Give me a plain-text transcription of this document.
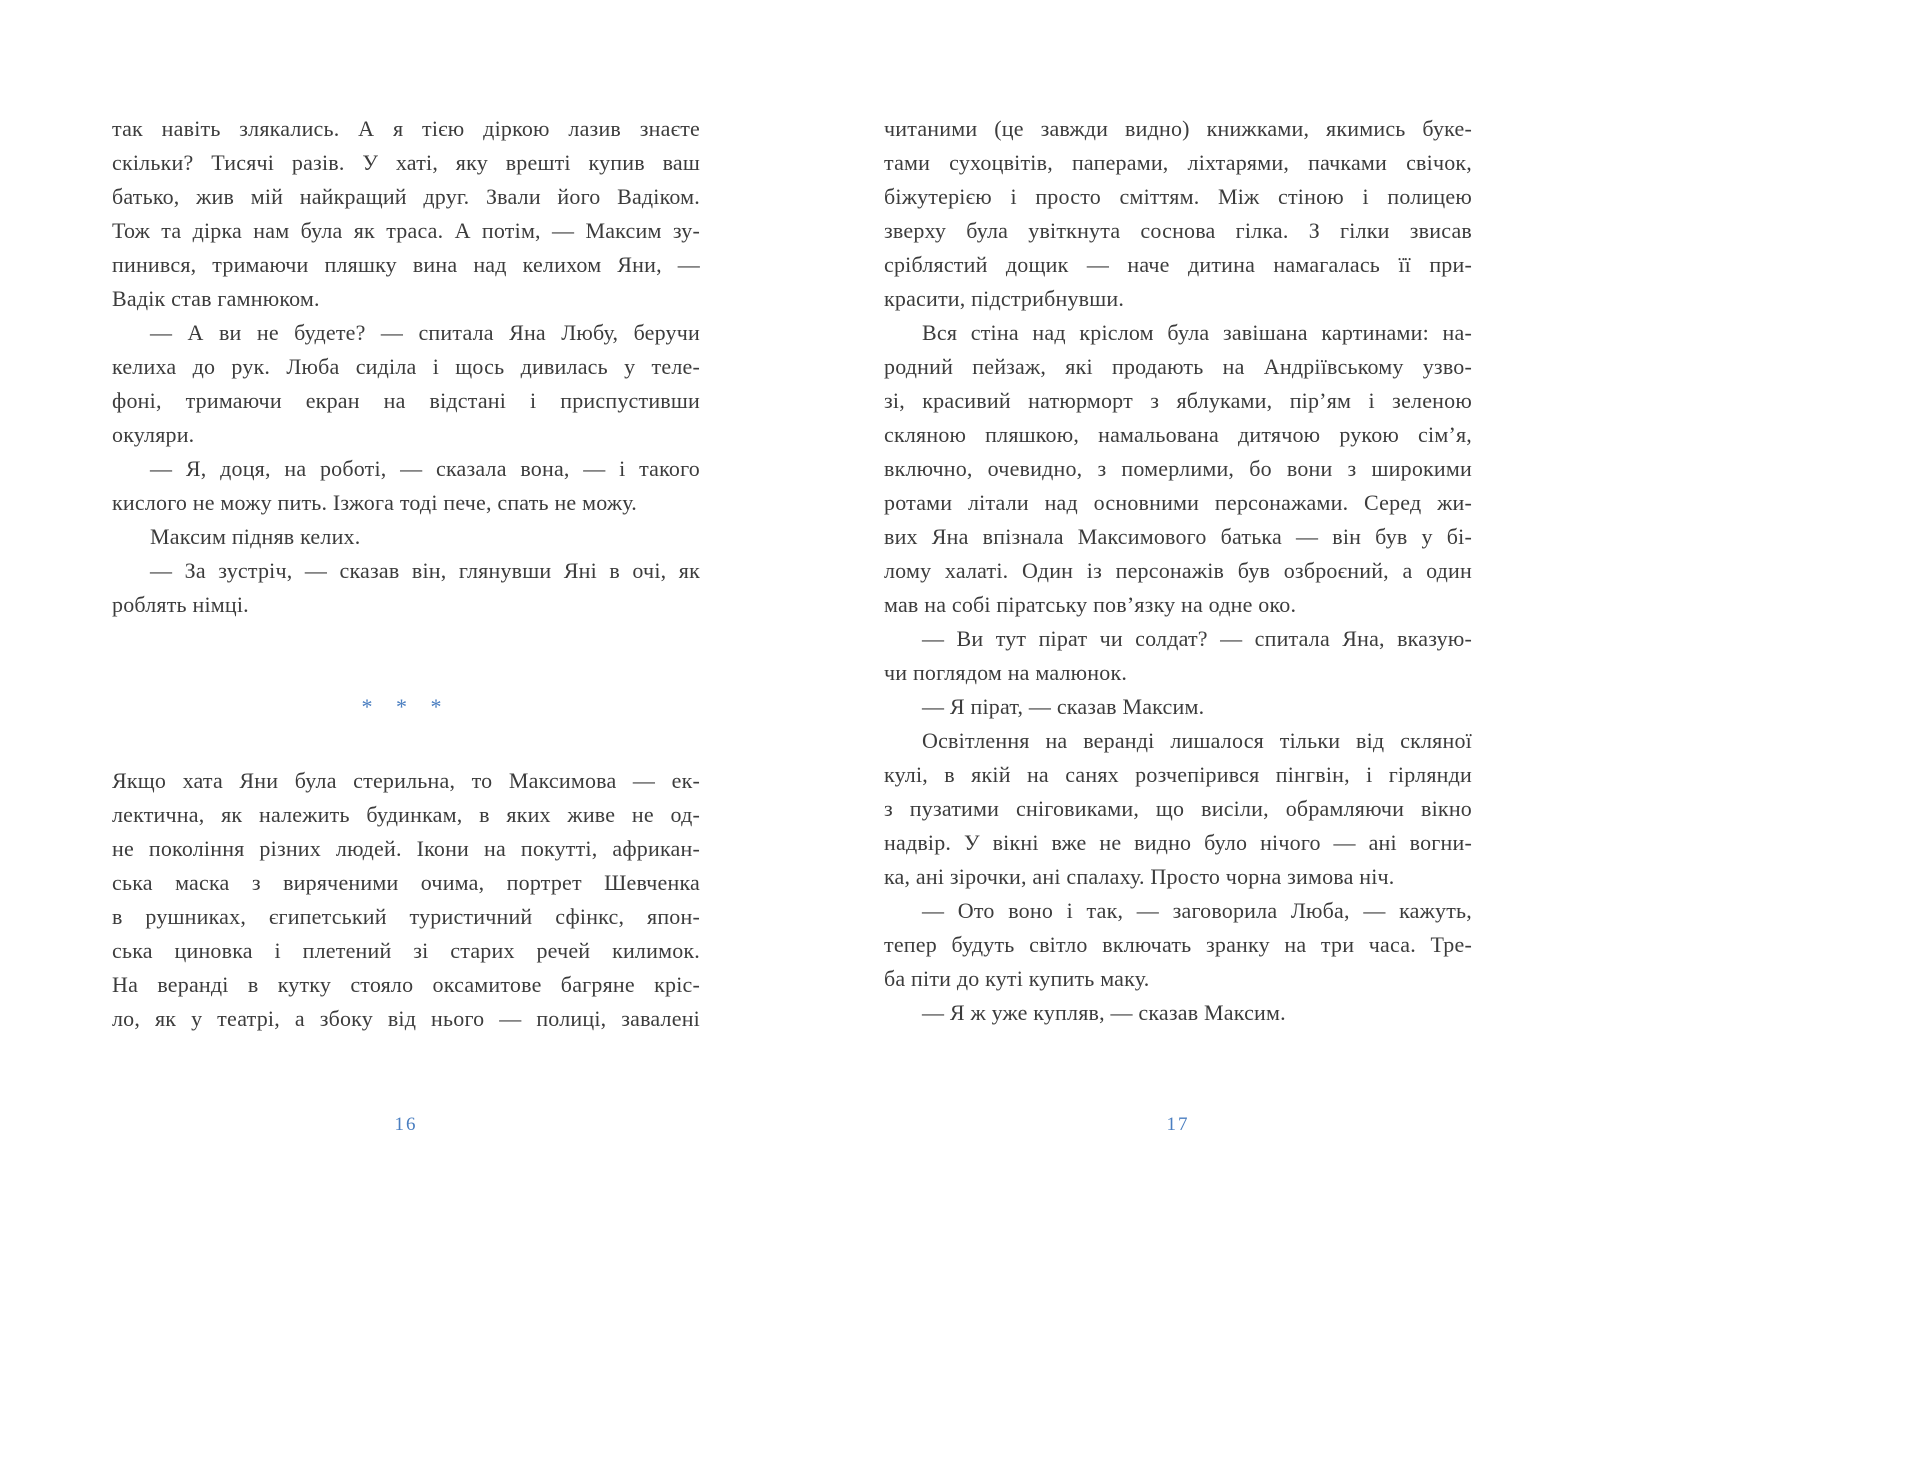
так навіть злякались. А я тією діркою лазив знаєте
скільки? Тисячі разів. У хаті, яку врешті купив ваш
батько, жив мій найкращий друг. Звали його Вадіком.
Тож та дірка нам була як траса. А потім, — Максим зу-
пинився, тримаючи пляшку вина над келихом Яни, —
Вадік став гамнюком.
— А ви не будете? — спитала Яна Любу, беручи
келиха до рук. Люба сиділа і щось дивилась у теле-
фоні, тримаючи екран на відстані і приспустивши
окуляри.
— Я, доця, на роботі, — сказала вона, — і такого
кислого не можу пить. Ізжога тоді пече, спать не можу.
Максим підняв келих.
— За зустріч, — сказав він, глянувши Яні в очі, як
роблять німці.
* * *
Якщо хата Яни була стерильна, то Максимова — ек-
лектична, як належить будинкам, в яких живе не од-
не покоління різних людей. Ікони на покутті, африкан-
ська маска з виряченими очима, портрет Шевченка
в рушниках, єгипетський туристичний сфінкс, япон-
ська циновка і плетений зі старих речей килимок.
На веранді в кутку стояло оксамитове багряне кріс-
ло, як у театрі, а збоку від нього — полиці, завалені
16
читаними (це завжди видно) книжками, якимись буке-
тами сухоцвітів, паперами, ліхтарями, пачками свічок,
біжутерією і просто сміттям. Між стіною і полицею
зверху була увіткнута соснова гілка. З гілки звисав
сріблястий дощик — наче дитина намагалась її при-
красити, підстрибнувши.
Вся стіна над кріслом була завішана картинами: на-
родний пейзаж, які продають на Андріївському узво-
зі, красивий натюрморт з яблуками, пір’ям і зеленою
скляною пляшкою, намальована дитячою рукою сім’я,
включно, очевидно, з померлими, бо вони з широкими
ротами літали над основними персонажами. Серед жи-
вих Яна впізнала Максимового батька — він був у бі-
лому халаті. Один із персонажів був озброєний, а один
мав на собі піратську пов’язку на одне око.
— Ви тут пірат чи солдат? — спитала Яна, вказую-
чи поглядом на малюнок.
— Я пірат, — сказав Максим.
Освітлення на веранді лишалося тільки від скляної
кулі, в якій на санях розчепірився пінгвін, і гірлянди
з пузатими сніговиками, що висіли, обрамляючи вікно
надвір. У вікні вже не видно було нічого — ані вогни-
ка, ані зірочки, ані спалаху. Просто чорна зимова ніч.
— Ото воно і так, — заговорила Люба, — кажуть,
тепер будуть світло включать зранку на три часа. Тре-
ба піти до куті купить маку.
— Я ж уже купляв, — сказав Максим.
17
